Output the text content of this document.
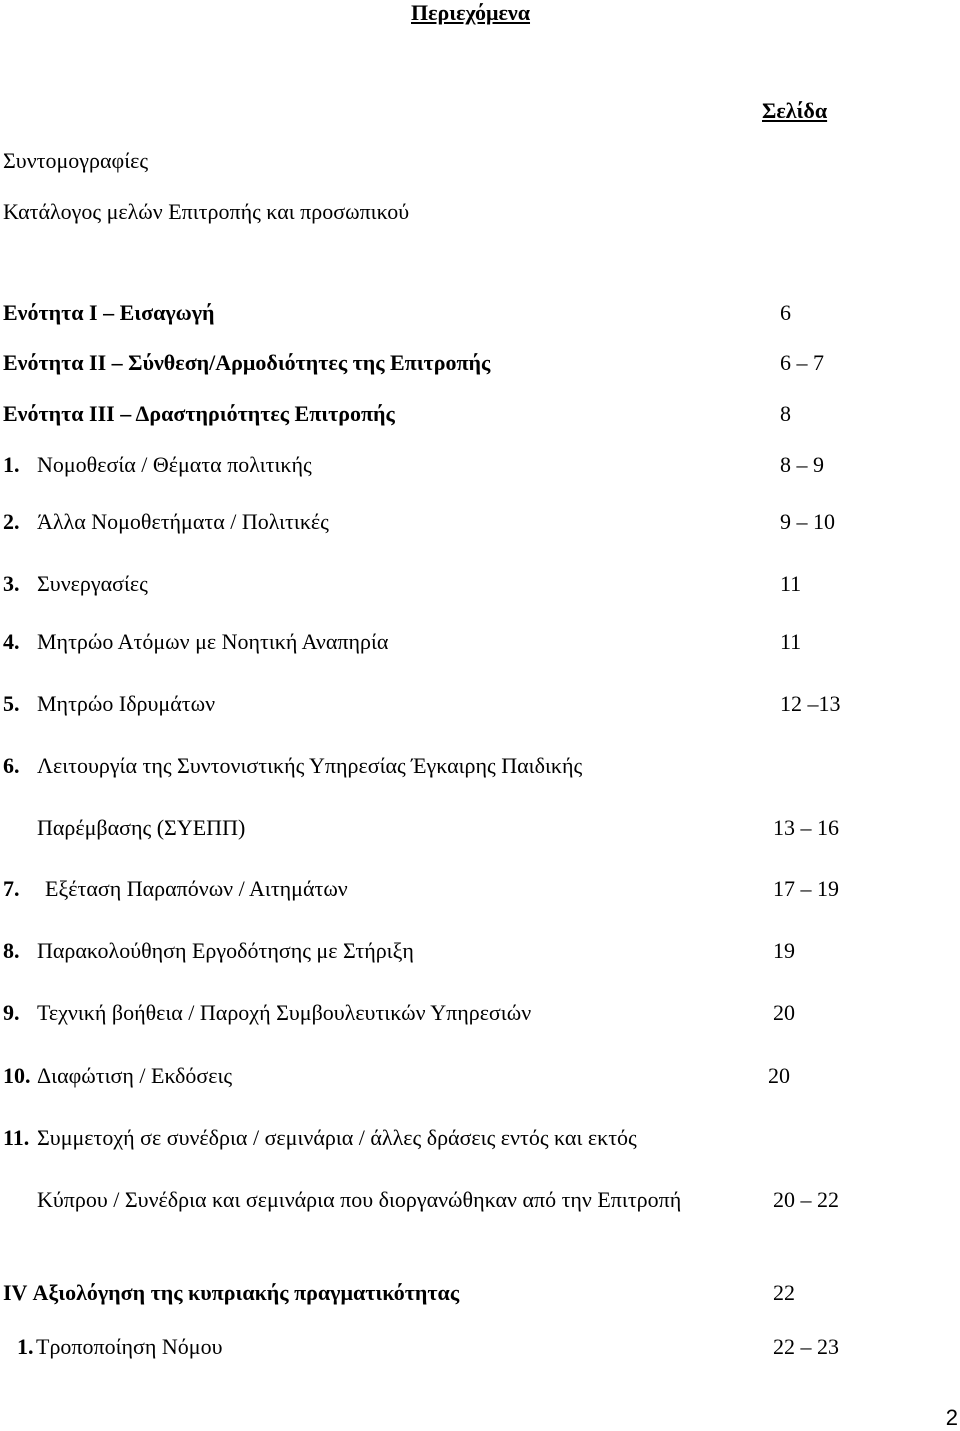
Περιεχόμενα
Σελίδα
Συντομογραφίες
Κατάλογος μελών Επιτροπής και προσωπικού
Ενότητα Ι – Εισαγωγή	6
Ενότητα ΙΙ – Σύνθεση/Αρμοδιότητες της Επιτροπής	6 – 7
Ενότητα ΙΙΙ – Δραστηριότητες Επιτροπής	8
1. Νομοθεσία / Θέματα πολιτικής	8 – 9
2. Άλλα Νομοθετήματα / Πολιτικές	9 – 10
3. Συνεργασίες	11
4. Μητρώο Ατόμων με Νοητική Αναπηρία	11
5. Μητρώο Ιδρυμάτων	12 –13
6. Λειτουργία της Συντονιστικής Υπηρεσίας Έγκαιρης Παιδικής
Παρέμβασης (ΣΥΕΠΠ)	13 – 16
7. Εξέταση Παραπόνων / Αιτημάτων	17 – 19
8. Παρακολούθηση Εργοδότησης με Στήριξη	19
9. Τεχνική βοήθεια / Παροχή Συμβουλευτικών Υπηρεσιών	20
10. Διαφώτιση / Εκδόσεις	20
11. Συμμετοχή σε συνέδρια / σεμινάρια / άλλες δράσεις εντός και εκτός
Κύπρου / Συνέδρια και σεμινάρια που διοργανώθηκαν από την Επιτροπή	20 – 22
ΙV Αξιολόγηση της κυπριακής πραγματικότητας	22
1. Τροποποίηση Νόμου	22 – 23
2
